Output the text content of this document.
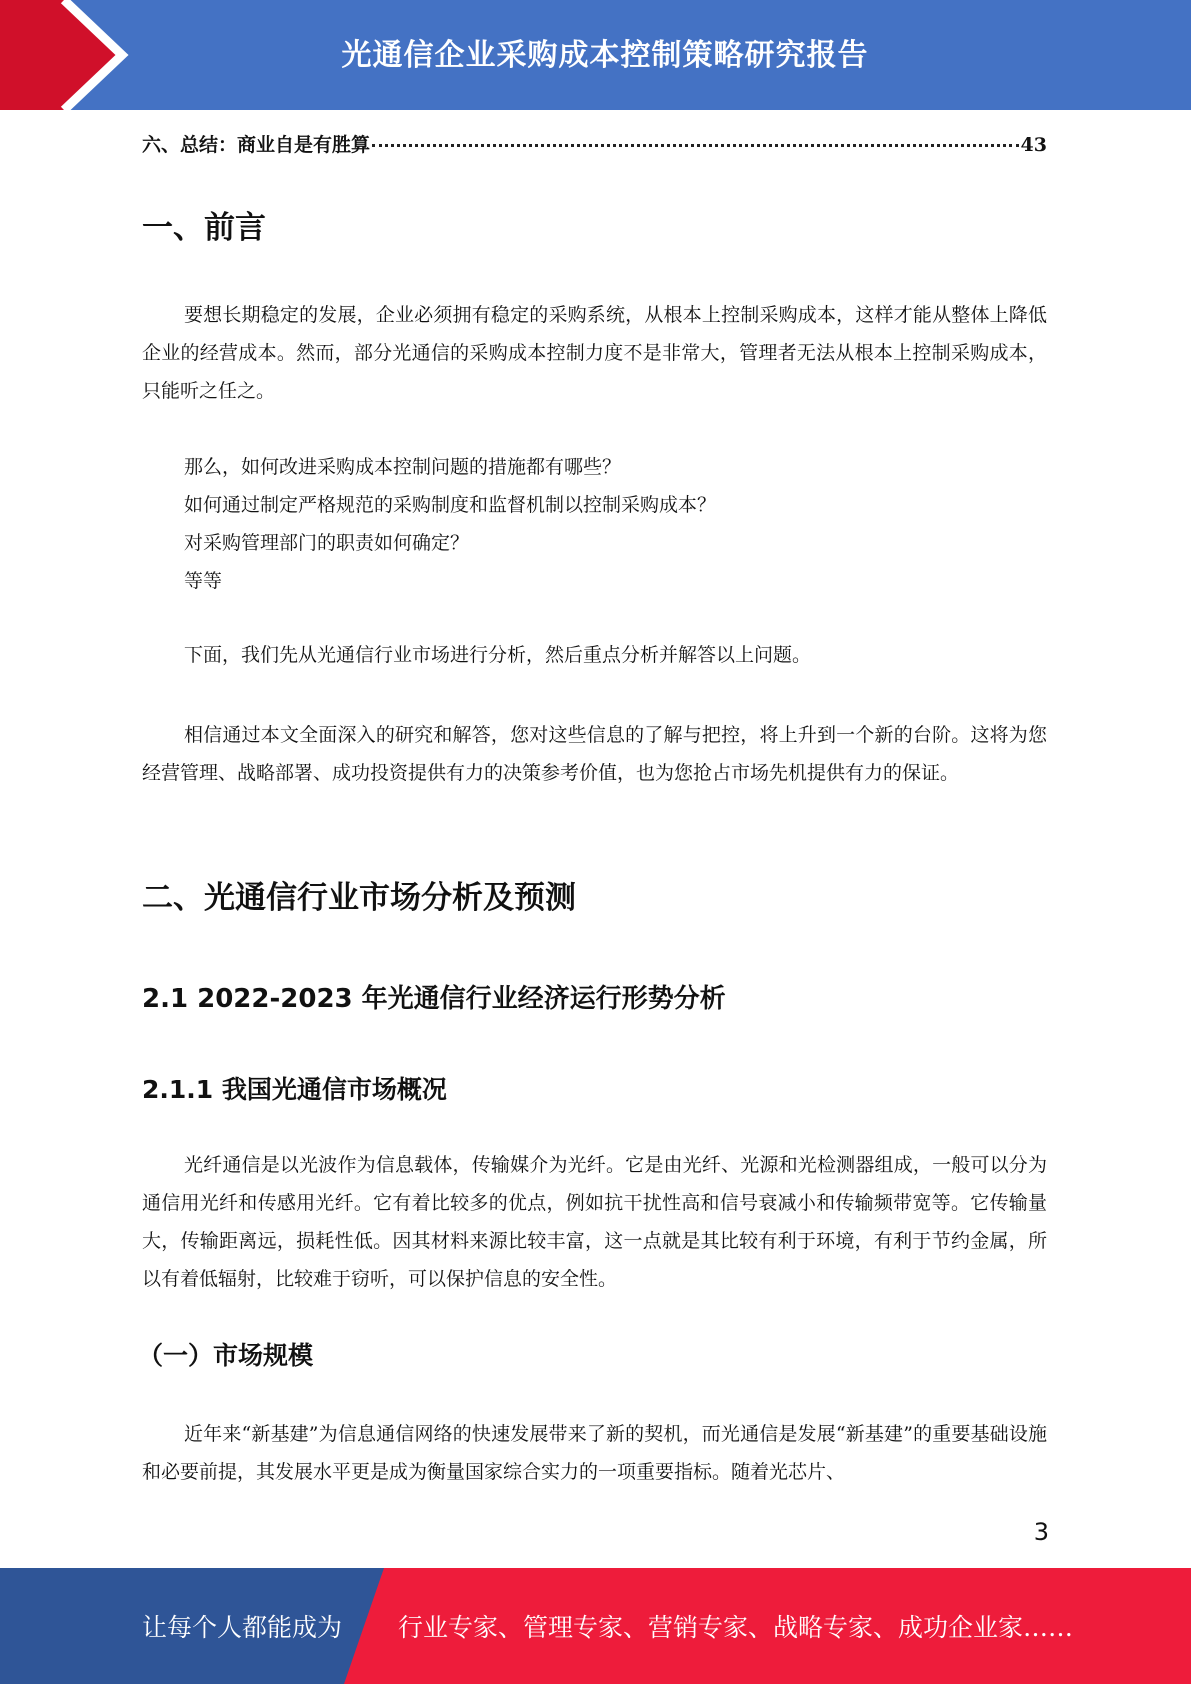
光通信企业采购成本控制策略研究报告
六、总结：商业自是有胜算	43
一、前言

要想长期稳定的发展，企业必须拥有稳定的采购系统，从根本上控制采购成本，这样才能从整体上降低企业的经营成本。然而，部分光通信的采购成本控制力度不是非常大，管理者无法从根本上控制采购成本，只能听之任之。

那么，如何改进采购成本控制问题的措施都有哪些？
如何通过制定严格规范的采购制度和监督机制以控制采购成本？
对采购管理部门的职责如何确定？
等等

下面，我们先从光通信行业市场进行分析，然后重点分析并解答以上问题。

相信通过本文全面深入的研究和解答，您对这些信息的了解与把控，将上升到一个新的台阶。这将为您经营管理、战略部署、成功投资提供有力的决策参考价值，也为您抢占市场先机提供有力的保证。

二、光通信行业市场分析及预测
2.1 2022-2023 年光通信行业经济运行形势分析
2.1.1 我国光通信市场概况

光纤通信是以光波作为信息载体，传输媒介为光纤。它是由光纤、光源和光检测器组成，一般可以分为通信用光纤和传感用光纤。它有着比较多的优点，例如抗干扰性高和信号衰减小和传输频带宽等。它传输量大，传输距离远，损耗性低。因其材料来源比较丰富，这一点就是其比较有利于环境，有利于节约金属，所以有着低辐射，比较难于窃听，可以保护信息的安全性。

（一）市场规模

近年来“新基建”为信息通信网络的快速发展带来了新的契机，而光通信是发展“新基建”的重要基础设施和必要前提，其发展水平更是成为衡量国家综合实力的一项重要指标。随着光芯片、

3
让每个人都能成为 行业专家、管理专家、营销专家、战略专家、成功企业家……
